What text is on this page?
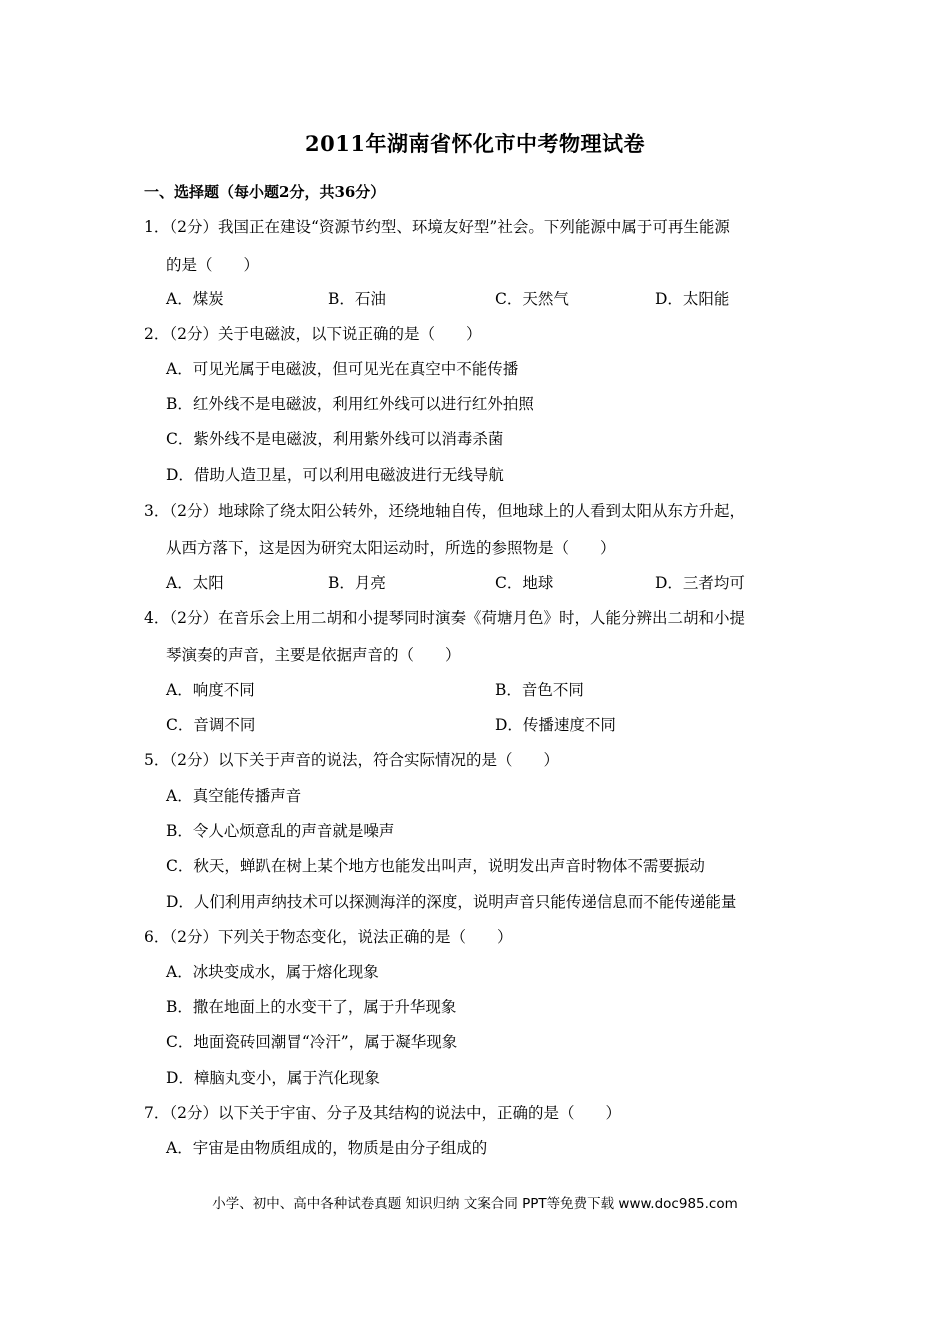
2011年湖南省怀化市中考物理试卷
一、选择题（每小题2分，共36分）
1．（2分）我国正在建设“资源节约型、环境友好型”社会。下列能源中属于可再生能源
的是（　　）
A．煤炭	B．石油	C．天然气	D．太阳能
2．（2分）关于电磁波，以下说正确的是（　　）
A．可见光属于电磁波，但可见光在真空中不能传播
B．红外线不是电磁波，利用红外线可以进行红外拍照
C．紫外线不是电磁波，利用紫外线可以消毒杀菌
D．借助人造卫星，可以利用电磁波进行无线导航
3．（2分）地球除了绕太阳公转外，还绕地轴自传，但地球上的人看到太阳从东方升起，
从西方落下，这是因为研究太阳运动时，所选的参照物是（　　）
A．太阳	B．月亮	C．地球	D．三者均可
4．（2分）在音乐会上用二胡和小提琴同时演奏《荷塘月色》时，人能分辨出二胡和小提
琴演奏的声音，主要是依据声音的（　　）
A．响度不同	B．音色不同
C．音调不同	D．传播速度不同
5．（2分）以下关于声音的说法，符合实际情况的是（　　）
A．真空能传播声音
B．令人心烦意乱的声音就是噪声
C．秋天，蝉趴在树上某个地方也能发出叫声，说明发出声音时物体不需要振动
D．人们利用声纳技术可以探测海洋的深度，说明声音只能传递信息而不能传递能量
6．（2分）下列关于物态变化，说法正确的是（　　）
A．冰块变成水，属于熔化现象
B．撒在地面上的水变干了，属于升华现象
C．地面瓷砖回潮冒“冷汗”，属于凝华现象
D．樟脑丸变小，属于汽化现象
7．（2分）以下关于宇宙、分子及其结构的说法中，正确的是（　　）
A．宇宙是由物质组成的，物质是由分子组成的
小学、初中、高中各种试卷真题 知识归纳 文案合同 PPT等免费下载 www.doc985.com
